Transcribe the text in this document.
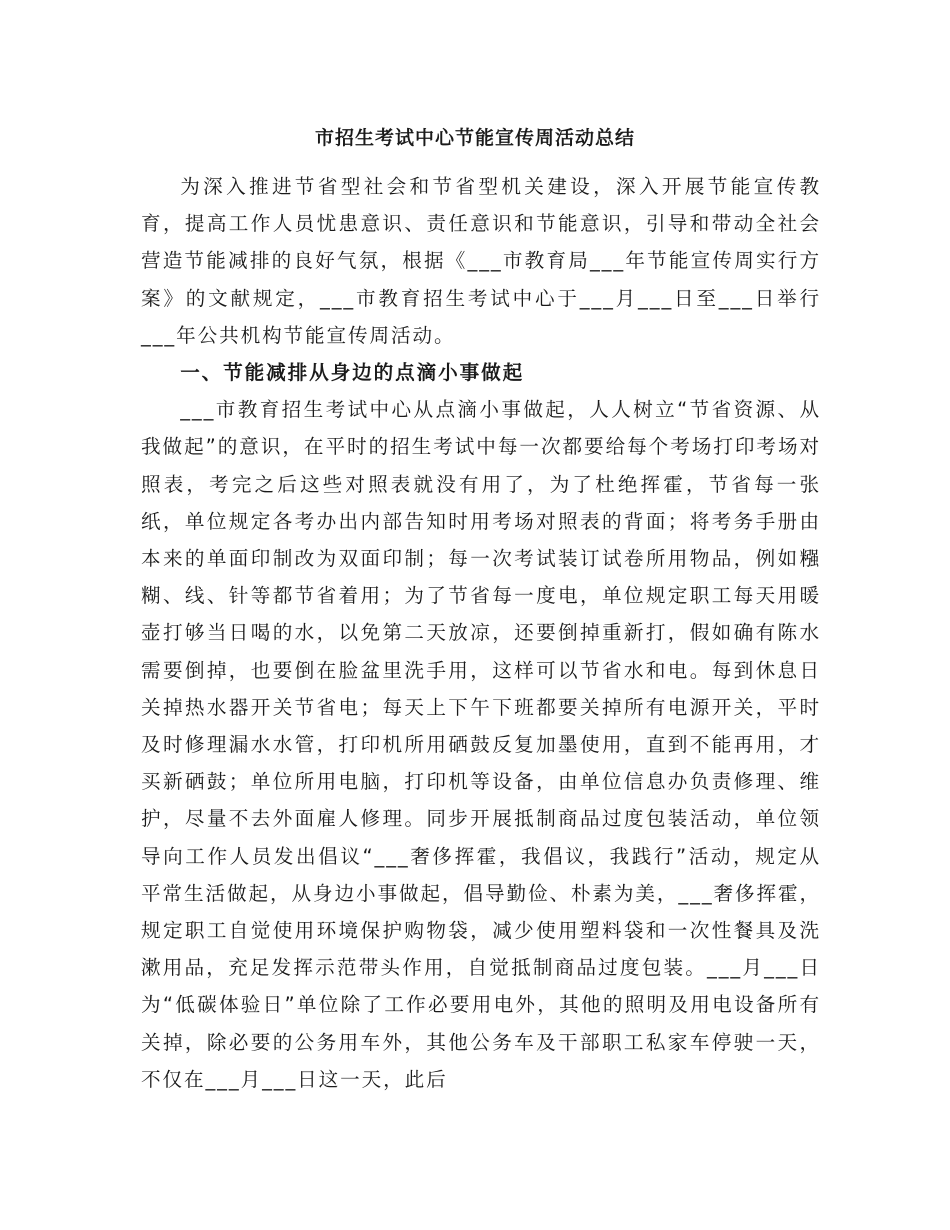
市招生考试中心节能宣传周活动总结

为深入推进节省型社会和节省型机关建设，深入开展节能宣传教育，提高工作人员忧患意识、责任意识和节能意识，引导和带动全社会营造节能减排的良好气氛，根据《___市教育局___年节能宣传周实行方案》的文献规定，___市教育招生考试中心于___月___日至___日举行___年公共机构节能宣传周活动。

一、节能减排从身边的点滴小事做起

___市教育招生考试中心从点滴小事做起，人人树立“节省资源、从我做起”的意识，在平时的招生考试中每一次都要给每个考场打印考场对照表，考完之后这些对照表就没有用了，为了杜绝挥霍，节省每一张纸，单位规定各考办出内部告知时用考场对照表的背面；将考务手册由本来的单面印制改为双面印制；每一次考试装订试卷所用物品，例如糨糊、线、针等都节省着用；为了节省每一度电，单位规定职工每天用暖壶打够当日喝的水，以免第二天放凉，还要倒掉重新打，假如确有陈水需要倒掉，也要倒在脸盆里洗手用，这样可以节省水和电。每到休息日关掉热水器开关节省电；每天上下午下班都要关掉所有电源开关，平时及时修理漏水水管，打印机所用硒鼓反复加墨使用，直到不能再用，才买新硒鼓；单位所用电脑，打印机等设备，由单位信息办负责修理、维护，尽量不去外面雇人修理。同步开展抵制商品过度包装活动，单位领导向工作人员发出倡议“___奢侈挥霍，我倡议，我践行”活动，规定从平常生活做起，从身边小事做起，倡导勤俭、朴素为美，___奢侈挥霍，规定职工自觉使用环境保护购物袋，减少使用塑料袋和一次性餐具及洗漱用品，充足发挥示范带头作用，自觉抵制商品过度包装。___月___日为“低碳体验日”单位除了工作必要用电外，其他的照明及用电设备所有关掉，除必要的公务用车外，其他公务车及干部职工私家车停驶一天，不仅在___月___日这一天，此后
